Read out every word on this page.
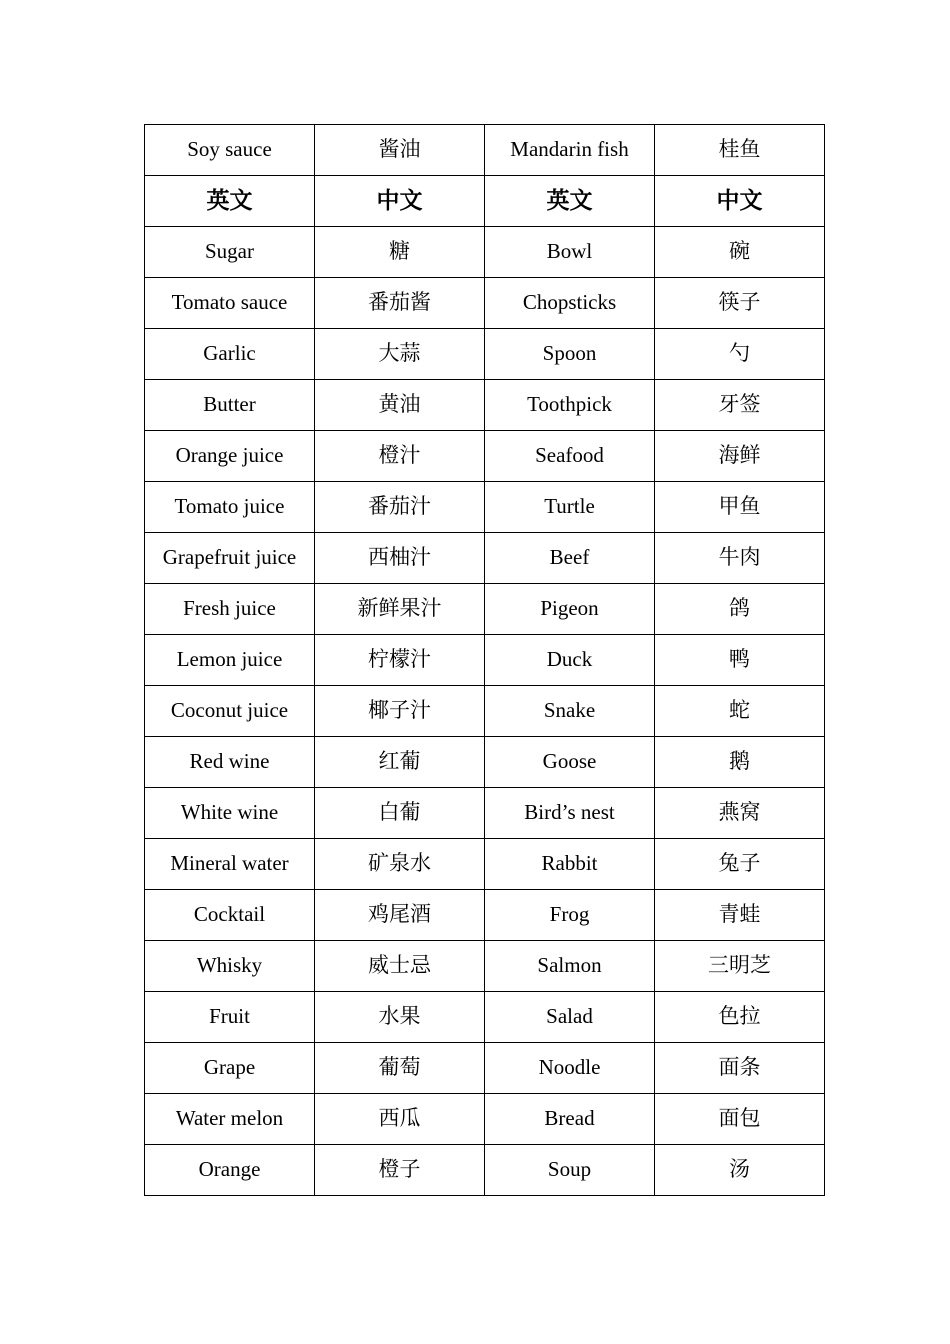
Soy sauce	酱油	Mandarin fish	桂鱼
英文	中文	英文	中文
Sugar	糖	Bowl	碗
Tomato sauce	番茄酱	Chopsticks	筷子
Garlic	大蒜	Spoon	勺
Butter	黄油	Toothpick	牙签
Orange juice	橙汁	Seafood	海鲜
Tomato juice	番茄汁	Turtle	甲鱼
Grapefruit juice	西柚汁	Beef	牛肉
Fresh juice	新鲜果汁	Pigeon	鸽
Lemon juice	柠檬汁	Duck	鸭
Coconut juice	椰子汁	Snake	蛇
Red wine	红葡	Goose	鹅
White wine	白葡	Bird’s nest	燕窝
Mineral water	矿泉水	Rabbit	兔子
Cocktail	鸡尾酒	Frog	青蛙
Whisky	威士忌	Salmon	三明芝
Fruit	水果	Salad	色拉
Grape	葡萄	Noodle	面条
Water melon	西瓜	Bread	面包
Orange	橙子	Soup	汤
